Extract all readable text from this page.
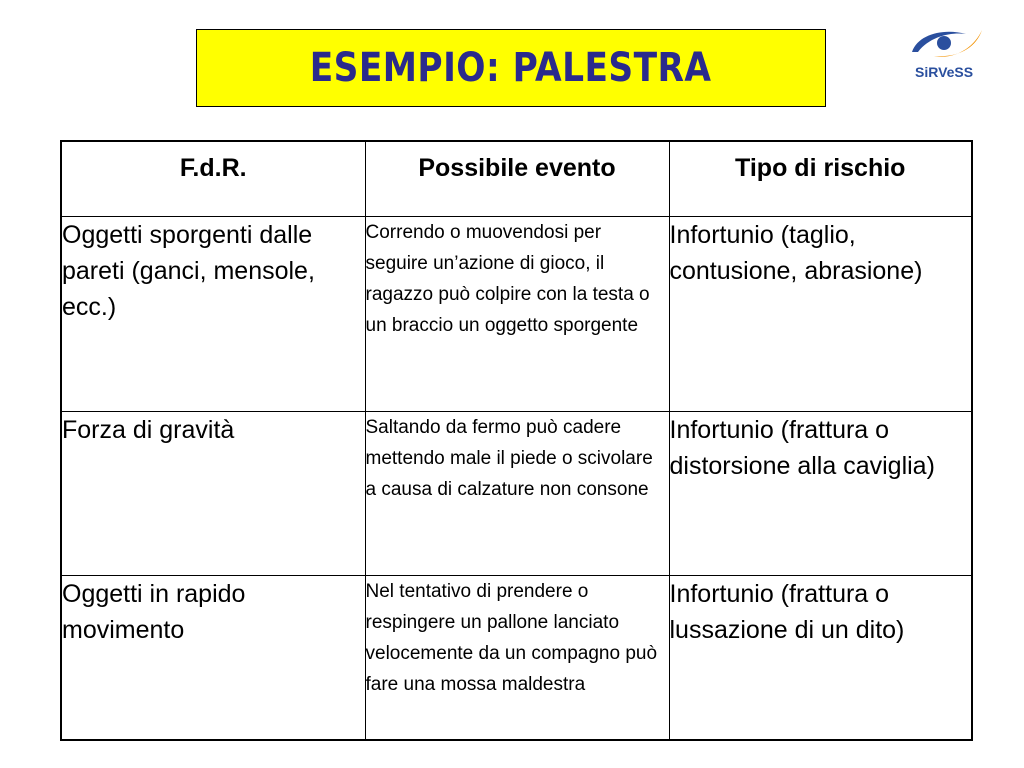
ESEMPIO: PALESTRA	SiRVeSS
F.d.R.	Possibile evento	Tipo di rischio
Oggetti sporgenti dalle pareti (ganci, mensole, ecc.)	Correndo o muovendosi per seguire un’azione di gioco, il ragazzo può colpire con la testa o un braccio un oggetto sporgente	Infortunio (taglio, contusione, abrasione)
Forza di gravità	Saltando da fermo può cadere mettendo male il piede o scivolare a causa di calzature non consone	Infortunio (frattura o distorsione alla caviglia)
Oggetti in rapido movimento	Nel tentativo di prendere o respingere un pallone lanciato velocemente da un compagno può fare una mossa maldestra	Infortunio (frattura o lussazione di un dito)
